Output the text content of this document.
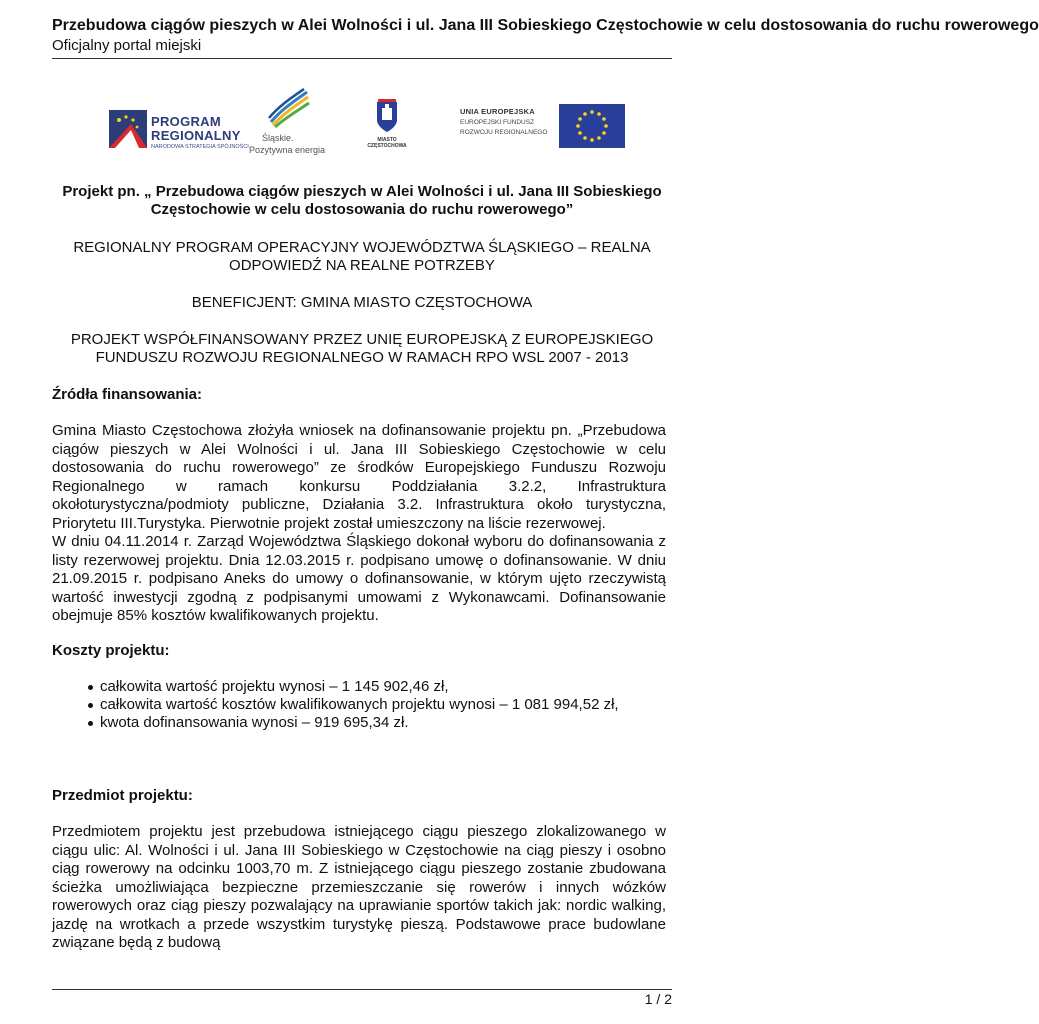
Przebudowa ciągów pieszych w Alei Wolności i ul. Jana III Sobieskiego Częstochowie w celu dostosowania do ruchu rowerowego
Oficjalny portal miejski
PROGRAM
REGIONALNY
NARODOWA STRATEGIA SPÓJNOŚCI
Śląskie.
Pozytywna energia
MIASTO
CZĘSTOCHOWA
UNIA EUROPEJSKA
EUROPEJSKI FUNDUSZ
ROZWOJU REGIONALNEGO
Projekt pn. „ Przebudowa ciągów pieszych w Alei Wolności i ul. Jana III Sobieskiego
Częstochowie w celu dostosowania do ruchu rowerowego”
REGIONALNY PROGRAM OPERACYJNY WOJEWÓDZTWA ŚLĄSKIEGO – REALNA
ODPOWIEDŹ NA REALNE POTRZEBY
BENEFICJENT: GMINA MIASTO CZĘSTOCHOWA
PROJEKT WSPÓŁFINANSOWANY PRZEZ UNIĘ EUROPEJSKĄ Z EUROPEJSKIEGO
FUNDUSZU ROZWOJU REGIONALNEGO W RAMACH RPO WSL 2007 - 2013
Źródła finansowania:

Gmina Miasto Częstochowa złożyła wniosek na dofinansowanie projektu pn. „Przebudowa ciągów pieszych w Alei Wolności i ul. Jana III Sobieskiego Częstochowie w celu dostosowania do ruchu rowerowego” ze środków Europejskiego Funduszu Rozwoju Regionalnego w ramach konkursu Poddziałania 3.2.2, Infrastruktura okołoturystyczna/podmioty publiczne, Działania 3.2. Infrastruktura około turystyczna, Priorytetu III.Turystyka. Pierwotnie projekt został umieszczony na liście rezerwowej.

W dniu 04.11.2014 r. Zarząd Województwa Śląskiego dokonał wyboru do dofinansowania z listy rezerwowej projektu. Dnia 12.03.2015 r. podpisano umowę o dofinansowanie. W dniu 21.09.2015 r. podpisano Aneks do umowy o dofinansowanie, w którym ujęto rzeczywistą wartość inwestycji zgodną z podpisanymi umowami z Wykonawcami. Dofinansowanie obejmuje 85% kosztów kwalifikowanych projektu.

Koszty projektu:
całkowita wartość projektu wynosi – 1 145 902,46 zł,
całkowita wartość kosztów kwalifikowanych projektu wynosi – 1 081 994,52 zł,
kwota dofinansowania wynosi – 919 695,34 zł.
Przedmiot projektu:

Przedmiotem projektu jest przebudowa istniejącego ciągu pieszego zlokalizowanego w ciągu ulic: Al. Wolności i ul. Jana III Sobieskiego w Częstochowie na ciąg pieszy i osobno ciąg rowerowy na odcinku 1003,70 m. Z istniejącego ciągu pieszego zostanie zbudowana ścieżka umożliwiająca bezpieczne przemieszczanie się rowerów i innych wózków rowerowych oraz ciąg pieszy pozwalający na uprawianie sportów takich jak: nordic walking, jazdę na wrotkach a przede wszystkim turystykę pieszą. Podstawowe prace budowlane związane będą z budową

1 / 2
